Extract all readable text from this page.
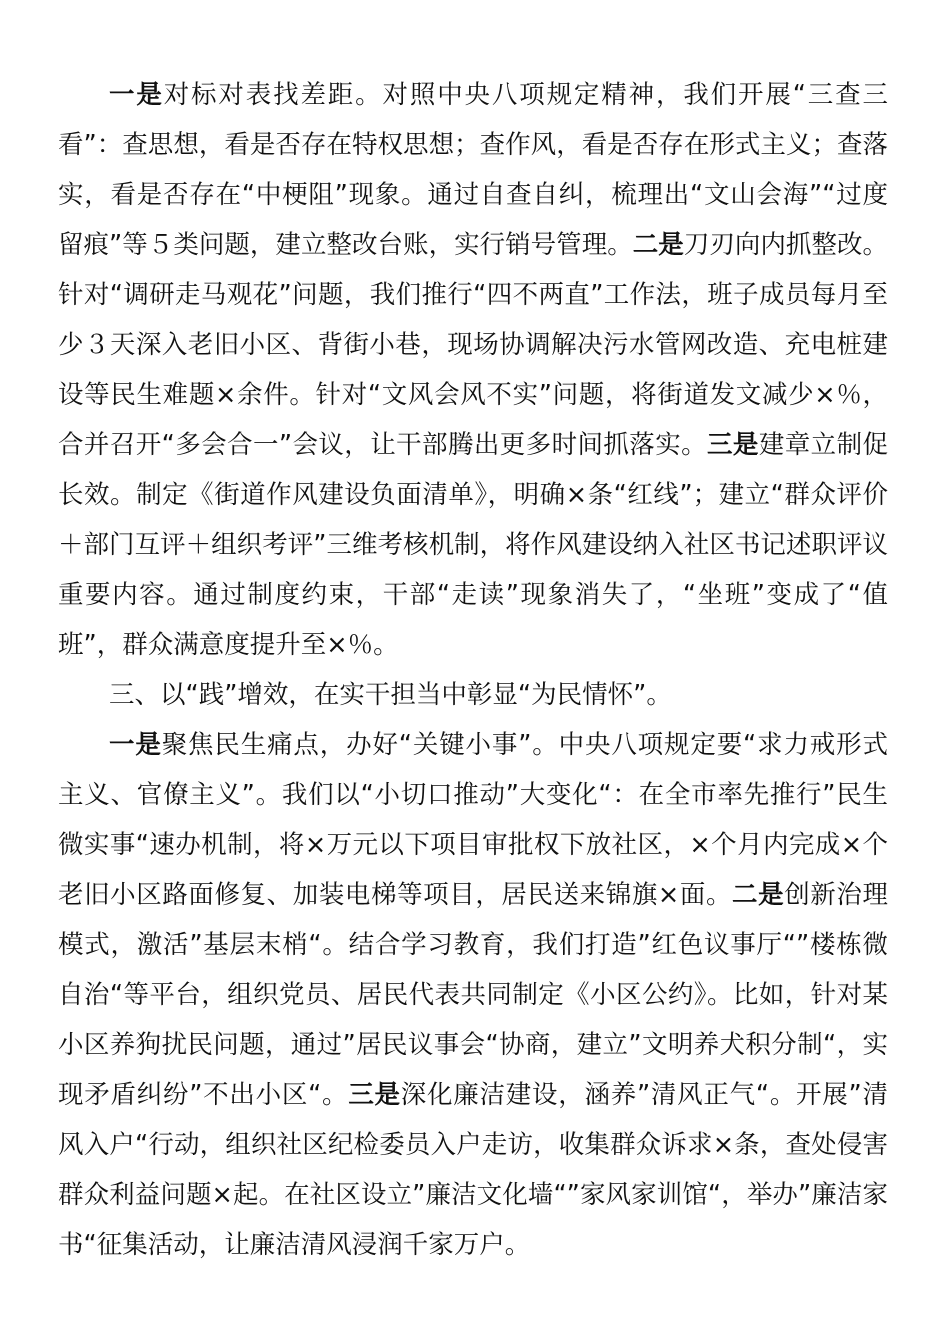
一是对标对表找差距。对照中央八项规定精神，我们开展“三查三看”：查思想，看是否存在特权思想；查作风，看是否存在形式主义；查落实，看是否存在“中梗阻”现象。通过自查自纠，梳理出“文山会海”“过度留痕”等５类问题，建立整改台账，实行销号管理。二是刀刃向内抓整改。针对“调研走马观花”问题，我们推行“四不两直”工作法，班子成员每月至少３天深入老旧小区、背街小巷，现场协调解决污水管网改造、充电桩建设等民生难题×余件。针对“文风会风不实”问题，将街道发文减少×％，合并召开“多会合一”会议，让干部腾出更多时间抓落实。三是建章立制促长效。制定《街道作风建设负面清单》，明确×条“红线”；建立“群众评价＋部门互评＋组织考评”三维考核机制，将作风建设纳入社区书记述职评议重要内容。通过制度约束，干部“走读”现象消失了，“坐班”变成了“值班”，群众满意度提升至×％。

三、以“践”增效，在实干担当中彰显“为民情怀”。

一是聚焦民生痛点，办好“关键小事”。中央八项规定要“求力戒形式主义、官僚主义”。我们以“小切口推动”大变化“：在全市率先推行”民生微实事“速办机制，将×万元以下项目审批权下放社区，×个月内完成×个老旧小区路面修复、加装电梯等项目，居民送来锦旗×面。二是创新治理模式，激活”基层末梢“。结合学习教育，我们打造”红色议事厅“”楼栋微自治“等平台，组织党员、居民代表共同制定《小区公约》。比如，针对某小区养狗扰民问题，通过”居民议事会“协商，建立”文明养犬积分制“，实现矛盾纠纷”不出小区“。三是深化廉洁建设，涵养”清风正气“。开展”清风入户“行动，组织社区纪检委员入户走访，收集群众诉求×条，查处侵害群众利益问题×起。在社区设立”廉洁文化墙“”家风家训馆“，举办”廉洁家书“征集活动，让廉洁清风浸润千家万户。
